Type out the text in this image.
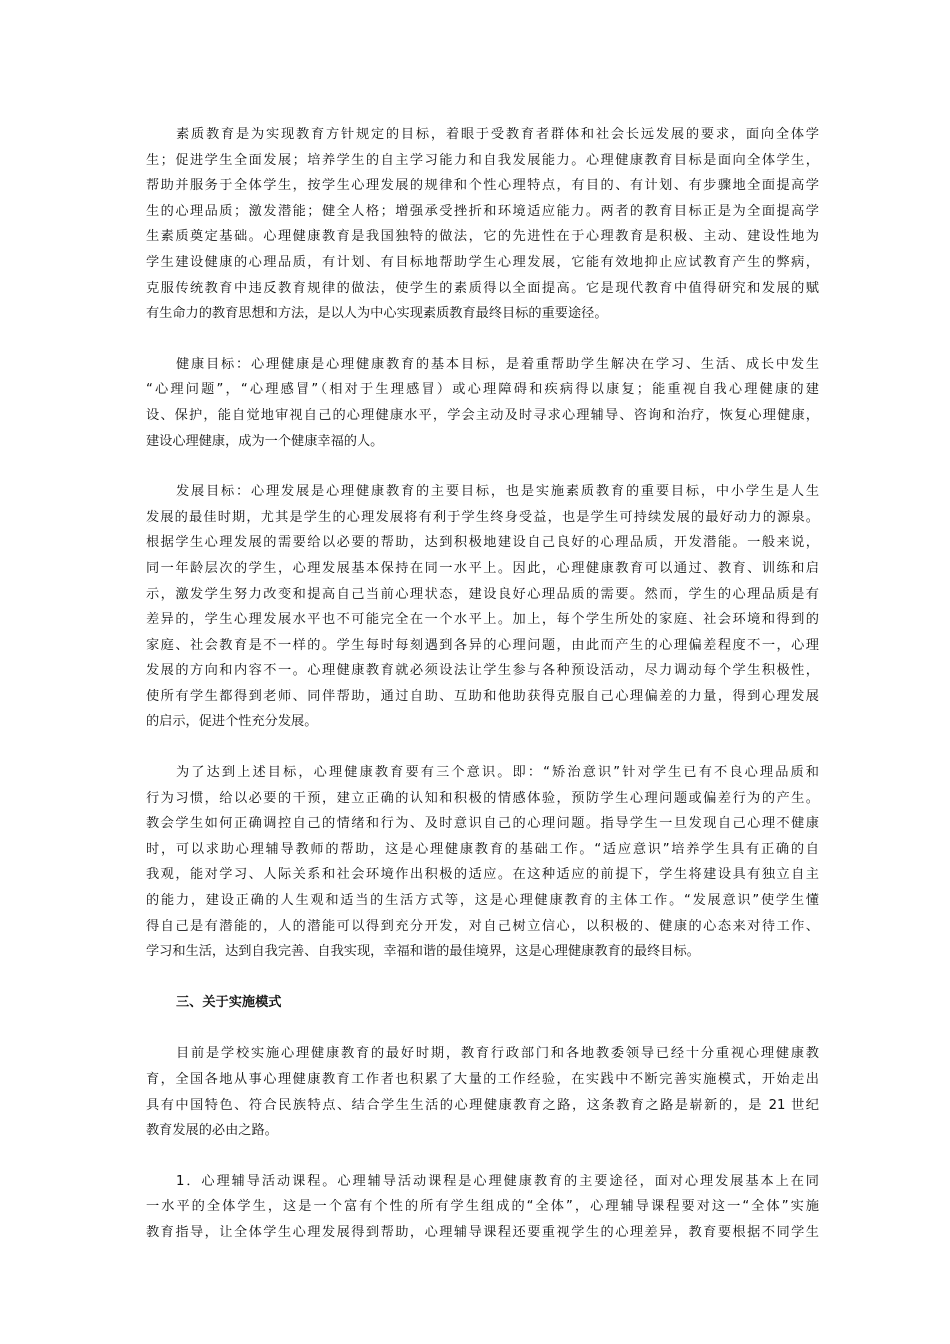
素质教育是为实现教育方针规定的目标，着眼于受教育者群体和社会长远发展的要求，面向全体学
生；促进学生全面发展；培养学生的自主学习能力和自我发展能力。心理健康教育目标是面向全体学生，
帮助并服务于全体学生，按学生心理发展的规律和个性心理特点，有目的、有计划、有步骤地全面提高学
生的心理品质；激发潜能；健全人格；增强承受挫折和环境适应能力。两者的教育目标正是为全面提高学
生素质奠定基础。心理健康教育是我国独特的做法，它的先进性在于心理教育是积极、主动、建设性地为
学生建设健康的心理品质，有计划、有目标地帮助学生心理发展，它能有效地抑止应试教育产生的弊病，
克服传统教育中违反教育规律的做法，使学生的素质得以全面提高。它是现代教育中值得研究和发展的赋
有生命力的教育思想和方法，是以人为中心实现素质教育最终目标的重要途径。
健康目标：心理健康是心理健康教育的基本目标，是着重帮助学生解决在学习、生活、成长中发生
“心理问题”，“心理感冒”（相对于生理感冒）或心理障碍和疾病得以康复；能重视自我心理健康的建
设、保护，能自觉地审视自己的心理健康水平，学会主动及时寻求心理辅导、咨询和治疗，恢复心理健康，
建设心理健康，成为一个健康幸福的人。
发展目标：心理发展是心理健康教育的主要目标，也是实施素质教育的重要目标，中小学生是人生
发展的最佳时期，尤其是学生的心理发展将有利于学生终身受益，也是学生可持续发展的最好动力的源泉。
根据学生心理发展的需要给以必要的帮助，达到积极地建设自己良好的心理品质，开发潜能。一般来说，
同一年龄层次的学生，心理发展基本保持在同一水平上。因此，心理健康教育可以通过、教育、训练和启
示，激发学生努力改变和提高自己当前心理状态，建设良好心理品质的需要。然而，学生的心理品质是有
差异的，学生心理发展水平也不可能完全在一个水平上。加上，每个学生所处的家庭、社会环境和得到的
家庭、社会教育是不一样的。学生每时每刻遇到各异的心理问题，由此而产生的心理偏差程度不一，心理
发展的方向和内容不一。心理健康教育就必须设法让学生参与各种预设活动，尽力调动每个学生积极性，
使所有学生都得到老师、同伴帮助，通过自助、互助和他助获得克服自己心理偏差的力量，得到心理发展
的启示，促进个性充分发展。
为了达到上述目标，心理健康教育要有三个意识。即：“矫治意识”针对学生已有不良心理品质和
行为习惯，给以必要的干预，建立正确的认知和积极的情感体验，预防学生心理问题或偏差行为的产生。
教会学生如何正确调控自己的情绪和行为、及时意识自己的心理问题。指导学生一旦发现自己心理不健康
时，可以求助心理辅导教师的帮助，这是心理健康教育的基础工作。“适应意识”培养学生具有正确的自
我观，能对学习、人际关系和社会环境作出积极的适应。在这种适应的前提下，学生将建设具有独立自主
的能力，建设正确的人生观和适当的生活方式等，这是心理健康教育的主体工作。“发展意识”使学生懂
得自己是有潜能的，人的潜能可以得到充分开发，对自己树立信心，以积极的、健康的心态来对待工作、
学习和生活，达到自我完善、自我实现，幸福和谐的最佳境界，这是心理健康教育的最终目标。
三、关于实施模式
目前是学校实施心理健康教育的最好时期，教育行政部门和各地教委领导已经十分重视心理健康教
育，全国各地从事心理健康教育工作者也积累了大量的工作经验，在实践中不断完善实施模式，开始走出
具有中国特色、符合民族特点、结合学生生活的心理健康教育之路，这条教育之路是崭新的，是 21 世纪
教育发展的必由之路。
1．心理辅导活动课程。心理辅导活动课程是心理健康教育的主要途径，面对心理发展基本上在同
一水平的全体学生，这是一个富有个性的所有学生组成的“全体”，心理辅导课程要对这一“全体”实施
教育指导，让全体学生心理发展得到帮助，心理辅导课程还要重视学生的心理差异，教育要根据不同学生
